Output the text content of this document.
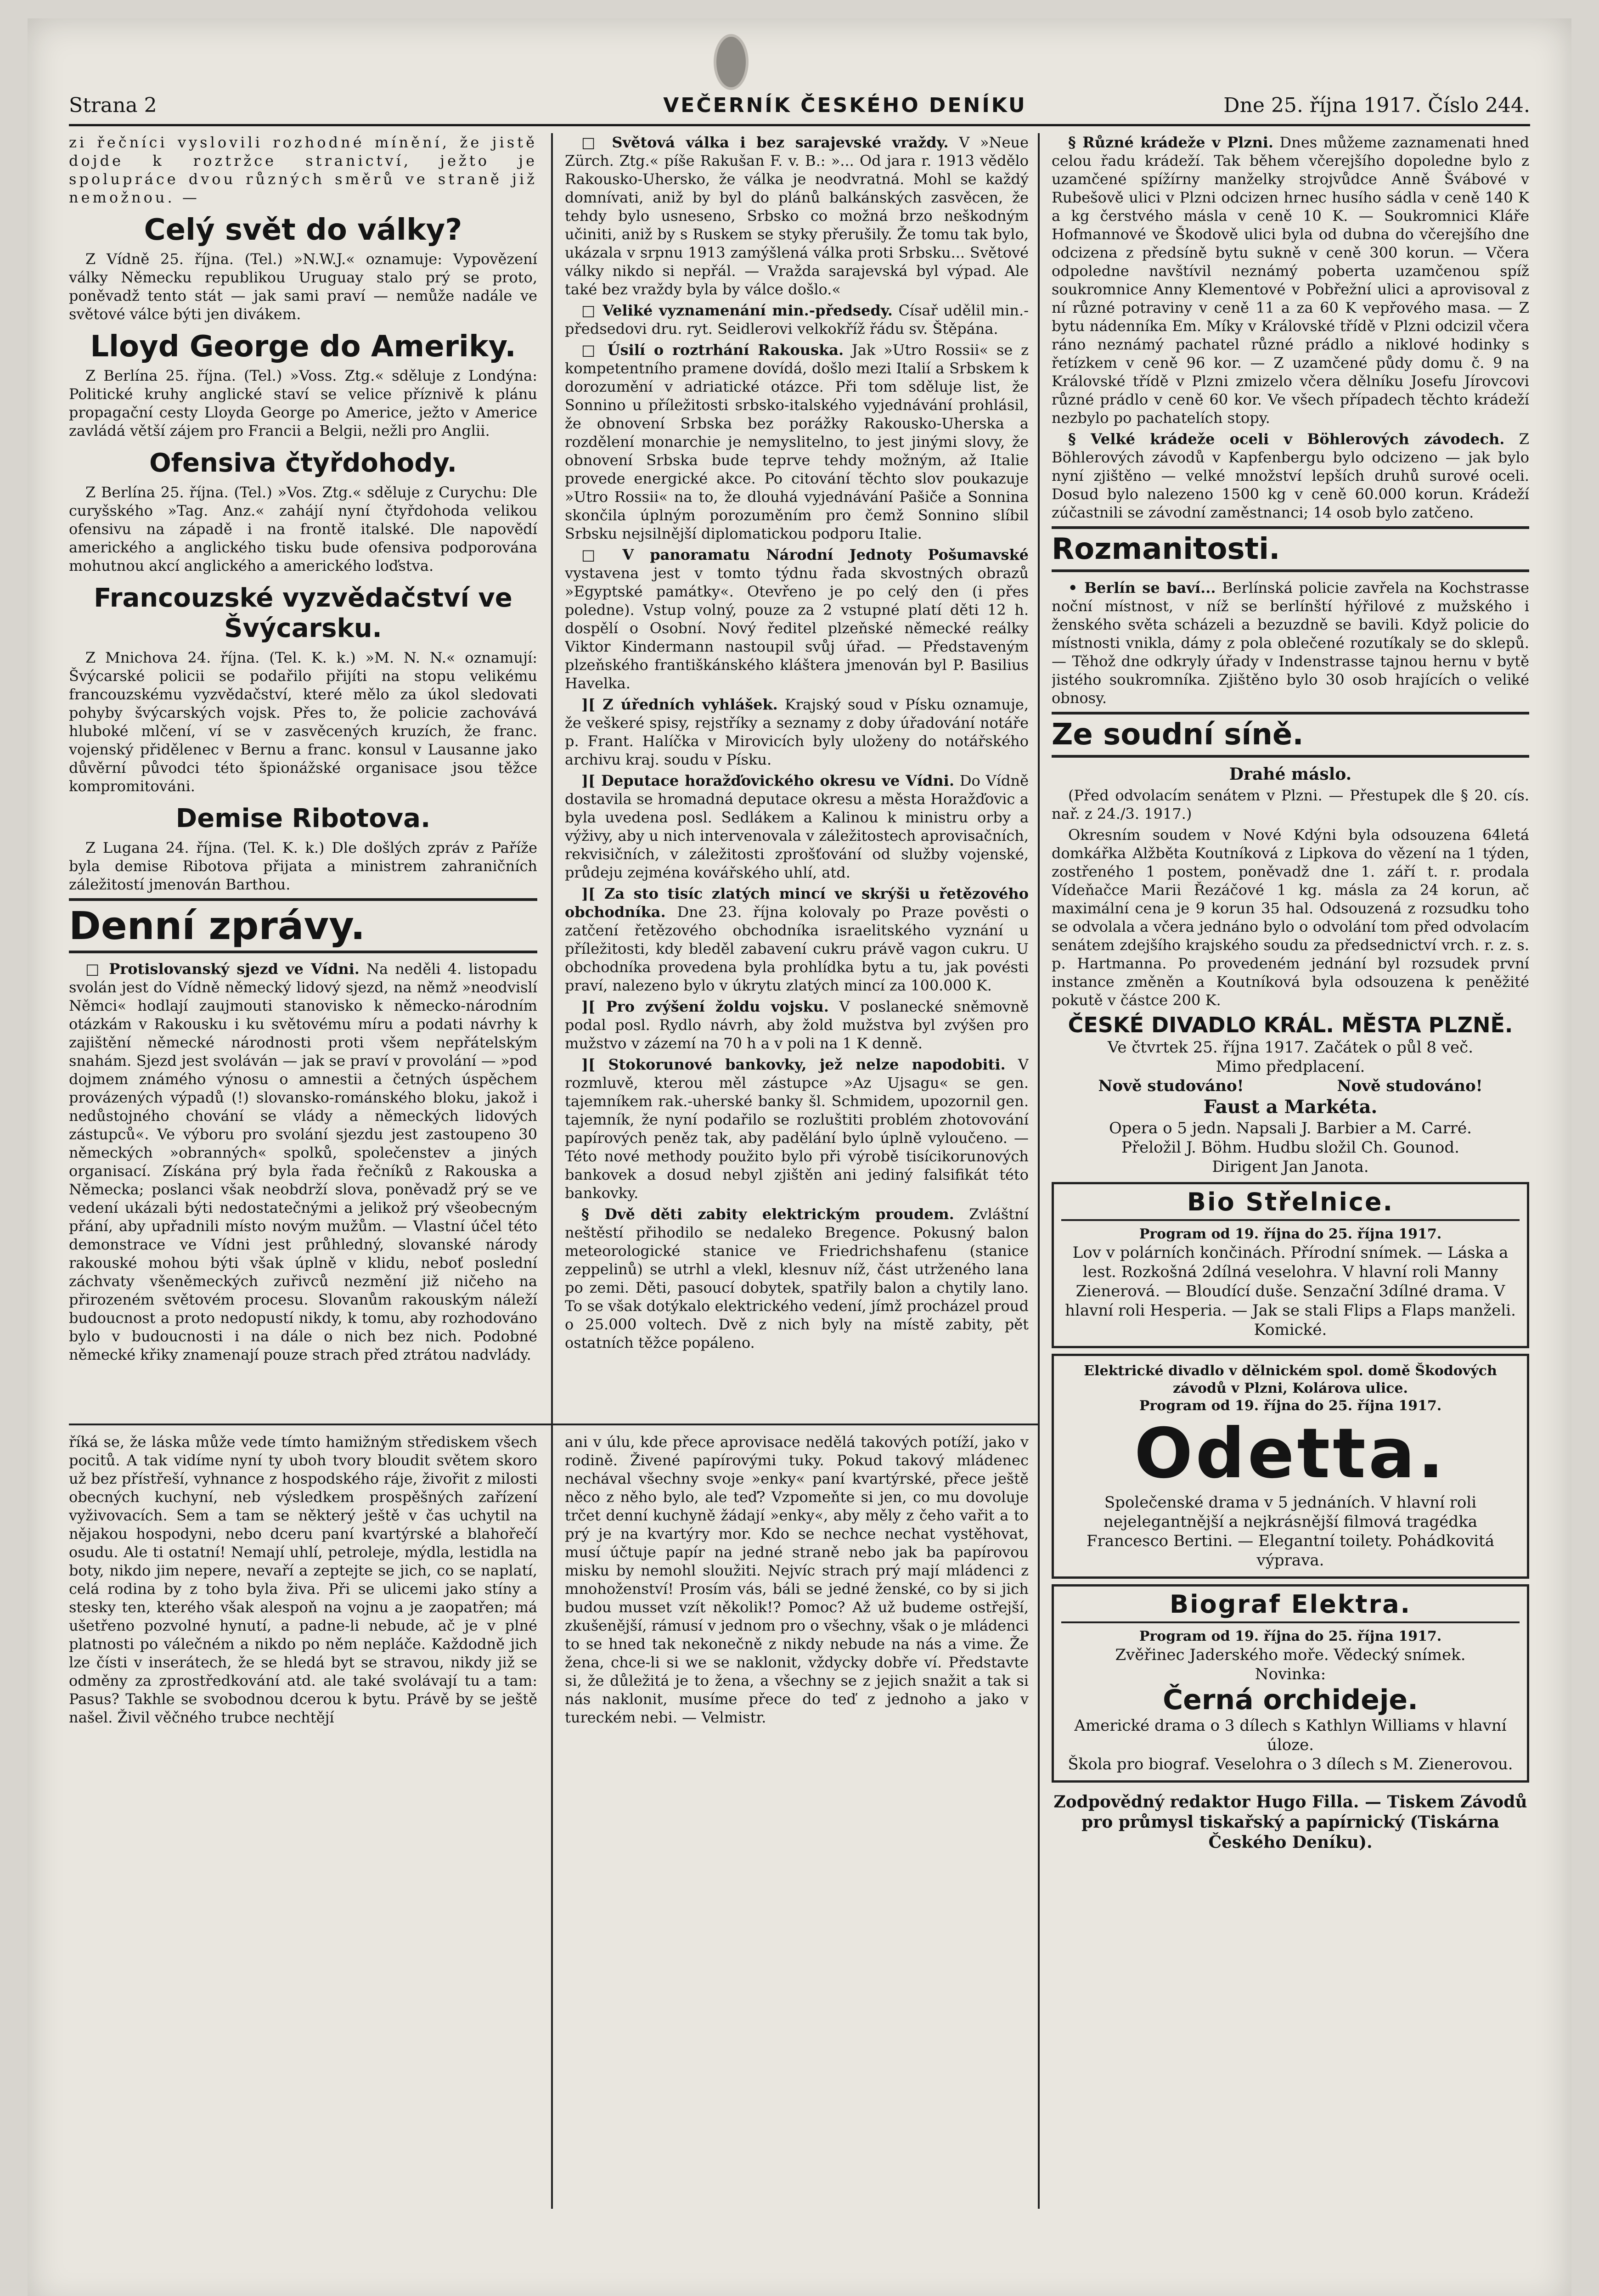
Strana 2	VEČERNÍK ČESKÉHO DENÍKU	Dne 25. října 1917. Číslo 244.

zi řečníci vyslovili rozhodné mínění, že jistě dojde k roztržce stranictví, ježto je spolupráce dvou různých směrů ve straně již nemožnou. —

Celý svět do války?

Z Vídně 25. října. (Tel.) »N.W.J.« oznamuje: Vypovězení války Německu republikou Uruguay stalo prý se proto, poněvadž tento stát — jak sami praví — nemůže nadále ve světové válce býti jen divákem.

Lloyd George do Ameriky.

Z Berlína 25. října. (Tel.) »Voss. Ztg.« sděluje z Londýna: Politické kruhy anglické staví se velice příznivě k plánu propagační cesty Lloyda George po Americe, ježto v Americe zavládá větší zájem pro Francii a Belgii, nežli pro Anglii.

Ofensiva čtyřdohody.

Z Berlína 25. října. (Tel.) »Vos. Ztg.« sděluje z Curychu: Dle curyšského »Tag. Anz.« zahájí nyní čtyřdohoda velikou ofensivu na západě i na frontě italské. Dle napovědí amerického a anglického tisku bude ofensiva podporována mohutnou akcí anglického a amerického loďstva.

Francouzské vyzvědačství ve Švýcarsku.

Z Mnichova 24. října. (Tel. K. k.) »M. N. N.« oznamují: Švýcarské policii se podařilo přijíti na stopu velikému francouzskému vyzvědačství, které mělo za úkol sledovati pohyby švýcarských vojsk. Přes to, že policie zachovává hluboké mlčení, ví se v zasvěcených kruzích, že franc. vojenský přidělenec v Bernu a franc. konsul v Lausanne jako důvěrní původci této špionážské organisace jsou těžce kompromitováni.

Demise Ribotova.

Z Lugana 24. října. (Tel. K. k.) Dle došlých zpráv z Paříže byla demise Ribotova přijata a ministrem zahraničních záležitostí jmenován Barthou.

Denní zprávy.

□ Protislovanský sjezd ve Vídni. Na neděli 4. listopadu svolán jest do Vídně německý lidový sjezd, na němž »neodvislí Němci« hodlají zaujmouti stanovisko k německo-národním otázkám v Rakousku i ku světovému míru a podati návrhy k zajištění německé národnosti proti všem nepřátelským snahám. Sjezd jest svoláván — jak se praví v provolání — »pod dojmem známého výnosu o amnestii a četných úspěchem provázených výpadů (!) slovansko-románského bloku, jakož i nedůstojného chování se vlády a německých lidových zástupců«. Ve výboru pro svolání sjezdu jest zastoupeno 30 německých »obranných« spolků, společenstev a jiných organisací. Získána prý byla řada řečníků z Rakouska a Německa; poslanci však neobdrží slova, poněvadž prý se ve vedení ukázali býti nedostatečnými a jelikož prý všeobecným přání, aby upřadnili místo novým mužům. — Vlastní účel této demonstrace ve Vídni jest průhledný, slovanské národy rakouské mohou býti však úplně v klidu, neboť poslední záchvaty všeněmeckých zuřivců nezmění již ničeho na přirozeném světovém procesu. Slovanům rakouským náleží budoucnost a proto nedopustí nikdy, k tomu, aby rozhodováno bylo v budoucnosti i na dále o nich bez nich. Podobné německé křiky znamenají pouze strach před ztrátou nadvlády.

□ Světová válka i bez sarajevské vraždy. V »Neue Zürch. Ztg.« píše Rakušan F. v. B.: »... Od jara r. 1913 vědělo Rakousko-Uhersko, že válka je neodvratná. Mohl se každý domnívati, aniž by byl do plánů balkánských zasvěcen, že tehdy bylo usneseno, Srbsko co možná brzo neškodným učiniti, aniž by s Ruskem se styky přerušily. Že tomu tak bylo, ukázala v srpnu 1913 zamýšlená válka proti Srbsku... Světové války nikdo si nepřál. — Vražda sarajevská byl výpad. Ale také bez vraždy byla by válce došlo.«

□ Veliké vyznamenání min.-předsedy. Císař udělil min.-předsedovi dru. ryt. Seidlerovi velkokříž řádu sv. Štěpána.

□ Úsilí o roztrhání Rakouska. Jak »Utro Rossii« se z kompetentního pramene dovídá, došlo mezi Italií a Srbskem k dorozumění v adriatické otázce. Při tom sděluje list, že Sonnino u příležitosti srbsko-italského vyjednávání prohlásil, že obnovení Srbska bez porážky Rakousko-Uherska a rozdělení monarchie je nemyslitelno, to jest jinými slovy, že obnovení Srbska bude teprve tehdy možným, až Italie provede energické akce. Po citování těchto slov poukazuje »Utro Rossii« na to, že dlouhá vyjednávání Pašiče a Sonnina skončila úplným porozuměním pro čemž Sonnino slíbil Srbsku nejsilnější diplomatickou podporu Italie.

□ V panoramatu Národní Jednoty Pošumavské vystavena jest v tomto týdnu řada skvostných obrazů »Egyptské památky«. Otevřeno je po celý den (i přes poledne). Vstup volný, pouze za 2 vstupné platí děti 12 h. dospělí o Osobní. Nový ředitel plzeňské německé reálky Viktor Kindermann nastoupil svůj úřad. — Představeným plzeňského františkánského kláštera jmenován byl P. Basilius Havelka.

][ Z úředních vyhlášek. Krajský soud v Písku oznamuje, že veškeré spisy, rejstříky a seznamy z doby úřadování notáře p. Frant. Halíčka v Mirovicích byly uloženy do notářského archivu kraj. soudu v Písku.

][ Deputace horažďovického okresu ve Vídni. Do Vídně dostavila se hromadná deputace okresu a města Horažďovic a byla uvedena posl. Sedlákem a Kalinou k ministru orby a výživy, aby u nich intervenovala v záležitostech aprovisačních, rekvisičních, v záležitosti zprošťování od služby vojenské, průdeju zejména kovářského uhlí, atd.

][ Za sto tisíc zlatých mincí ve skrýši u řetězového obchodníka. Dne 23. října kolovaly po Praze pověsti o zatčení řetězového obchodníka israelitského vyznání u příležitosti, kdy bleděl zabavení cukru právě vagon cukru. U obchodníka provedena byla prohlídka bytu a tu, jak povésti praví, nalezeno bylo v úkrytu zlatých mincí za 100.000 K.

][ Pro zvýšení žoldu vojsku. V poslanecké sněmovně podal posl. Rydlo návrh, aby žold mužstva byl zvýšen pro mužstvo v zázemí na 70 h a v poli na 1 K denně.

][ Stokorunové bankovky, jež nelze napodobiti. V rozmluvě, kterou měl zástupce »Az Ujsagu« se gen. tajemníkem rak.-uherské banky šl. Schmidem, upozornil gen. tajemník, že nyní podařilo se rozluštiti problém zhotovování papírových peněz tak, aby padělání bylo úplně vyloučeno. — Této nové methody použito bylo při výrobě tisícikorunových bankovek a dosud nebyl zjištěn ani jediný falsifikát této bankovky.

§ Dvě děti zabity elektrickým proudem. Zvláštní neštěstí přihodilo se nedaleko Bregence. Pokusný balon meteorologické stanice ve Friedrichshafenu (stanice zeppelinů) se utrhl a vlekl, klesnuv níž, část utrženého lana po zemi. Děti, pasoucí dobytek, spatřily balon a chytily lano. To se však dotýkalo elektrického vedení, jímž procházel proud o 25.000 voltech. Dvě z nich byly na místě zabity, pět ostatních těžce popáleno.

říká se, že láska může vede tímto hamižným střediskem všech pocitů. A tak vidíme nyní ty uboh tvory bloudit světem skoro už bez přístřeší, vyhnance z hospodského ráje, živořit z milosti obecných kuchyní, neb výsledkem prospěšných zařízení vyživovacích. Sem a tam se některý ještě v čas uchytil na nějakou hospodyni, nebo dceru paní kvartýrské a blahořečí osudu. Ale ti ostatní! Nemají uhlí, petroleje, mýdla, lestidla na boty, nikdo jim nepere, nevaří a zeptejte se jich, co se naplatí, celá rodina by z toho byla živa. Při se ulicemi jako stíny a stesky ten, kterého však alespoň na vojnu a je zaopatřen; má ušetřeno pozvolné hynutí, a padne-li nebude, ač je v plné platnosti po válečném a nikdo po něm nepláče. Každodně jich lze čísti v inserátech, že se hledá byt se stravou, nikdy již se odměny za zprostředkování atd. ale také svolávají tu a tam: Pasus? Takhle se svobodnou dcerou k bytu. Právě by se ještě našel. Živil věčného trubce nechtějí

ani v úlu, kde přece aprovisace nedělá takových potíží, jako v rodině. Živené papírovými tuky. Pokud takový mládenec nechával všechny svoje »enky« paní kvartýrské, přece ještě něco z něho bylo, ale teď? Vzpomeňte si jen, co mu dovoluje trčet denní kuchyně žádají »enky«, aby měly z čeho vařit a to prý je na kvartýry mor. Kdo se nechce nechat vystěhovat, musí účtuje papír na jedné straně nebo jak ba papírovou misku by nemohl sloužiti. Nejvíc strach prý mají mládenci z mnohoženství! Prosím vás, báli se jedné ženské, co by si jich budou musset vzít několik!? Pomoc? Až už budeme ostřejší, zkušenější, rámusí v jednom pro o všechny, však o je mládenci to se hned tak nekonečně z nikdy nebude na nás a vime. Že žena, chce-li si we se naklonit, vždycky dobře ví. Představte si, že důležitá je to žena, a všechny se z jejich snažit a tak si nás naklonit, musíme přece do teď z jednoho a jako v tureckém nebi. — Velmistr.

§ Různé krádeže v Plzni. Dnes můžeme zaznamenati hned celou řadu krádeží. Tak během včerejšího dopoledne bylo z uzamčené spížírny manželky strojvůdce Anně Švábové v Rubešově ulici v Plzni odcizen hrnec husího sádla v ceně 140 K a kg čerstvého másla v ceně 10 K. — Soukromnici Kláře Hofmannové ve Škodově ulici byla od dubna do včerejšího dne odcizena z předsíně bytu sukně v ceně 300 korun. — Včera odpoledne navštívil neznámý poberta uzamčenou spíž soukromnice Anny Klementové v Pobřežní ulici a aprovisoval z ní různé potraviny v ceně 11 a za 60 K vepřového masa. — Z bytu nádenníka Em. Míky v Královské třídě v Plzni odcizil včera ráno neznámý pachatel různé prádlo a niklové hodinky s řetízkem v ceně 96 kor. — Z uzamčené půdy domu č. 9 na Královské třídě v Plzni zmizelo včera dělníku Josefu Jírovcovi různé prádlo v ceně 60 kor. Ve všech případech těchto krádeží nezbylo po pachatelích stopy.

§ Velké krádeže oceli v Böhlerových závodech. Z Böhlerových závodů v Kapfenbergu bylo odcizeno — jak bylo nyní zjištěno — velké množství lepších druhů surové oceli. Dosud bylo nalezeno 1500 kg v ceně 60.000 korun. Krádeží zúčastnili se závodní zaměstnanci; 14 osob bylo zatčeno.

Rozmanitosti.

• Berlín se baví... Berlínská policie zavřela na Kochstrasse noční místnost, v níž se berlínští hýřilové z mužského i ženského světa scházeli a bezuzdně se bavili. Když policie do místnosti vnikla, dámy z pola oblečené rozutíkaly se do sklepů. — Těhož dne odkryly úřady v Indenstrasse tajnou hernu v bytě jistého soukromníka. Zjištěno bylo 30 osob hrajících o veliké obnosy.

Ze soudní síně.
Drahé máslo.

(Před odvolacím senátem v Plzni. — Přestupek dle § 20. cís. nař. z 24./3. 1917.)

Okresním soudem v Nové Kdýni byla odsouzena 64letá domkářka Alžběta Koutníková z Lipkova do vězení na 1 týden, zostřeného 1 postem, poněvadž dne 1. září t. r. prodala Vídeňačce Marii Řezáčové 1 kg. másla za 24 korun, ač maximální cena je 9 korun 35 hal. Odsouzená z rozsudku toho se odvolala a včera jednáno bylo o odvolání tom před odvolacím senátem zdejšího krajského soudu za předsednictví vrch. r. z. s. p. Hartmanna. Po provedeném jednání byl rozsudek první instance změněn a Koutníková byla odsouzena k peněžité pokutě v částce 200 K.

ČESKÉ DIVADLO KRÁL. MĚSTA PLZNĚ.
Ve čtvrtek 25. října 1917. Začátek o půl 8 več.
Mimo předplacení.
Nově studováno!	Nově studováno!
Faust a Markéta.
Opera o 5 jedn. Napsali J. Barbier a M. Carré.
Přeložil J. Böhm. Hudbu složil Ch. Gounod.
Dirigent Jan Janota.
Bio Střelnice.

Program od 19. října do 25. října 1917.

Lov v polárních končinách. Přírodní snímek. — Láska a lest. Rozkošná 2dílná veselohra. V hlavní roli Manny Zienerová. — Bloudící duše. Senzační 3dílné drama. V hlavní roli Hesperia. — Jak se stali Flips a Flaps manželi. Komické.

Elektrické divadlo v dělnickém spol. domě Škodových závodů v Plzni, Kolárova ulice.

Program od 19. října do 25. října 1917.

Odetta.

Společenské drama v 5 jednáních. V hlavní roli nejelegantnější a nejkrásnější filmová tragédka Francesco Bertini. — Elegantní toilety. Pohádkovitá výprava.

Biograf Elektra.

Program od 19. října do 25. října 1917.

Zvěřinec Jaderského moře. Vědecký snímek.

Novinka:

Černá orchideje.

Americké drama o 3 dílech s Kathlyn Williams v hlavní úloze.

Škola pro biograf. Veselohra o 3 dílech s M. Zienerovou.

Zodpovědný redaktor Hugo Filla. — Tiskem Závodů pro průmysl tiskařský a papírnický (Tiskárna Českého Deníku).
